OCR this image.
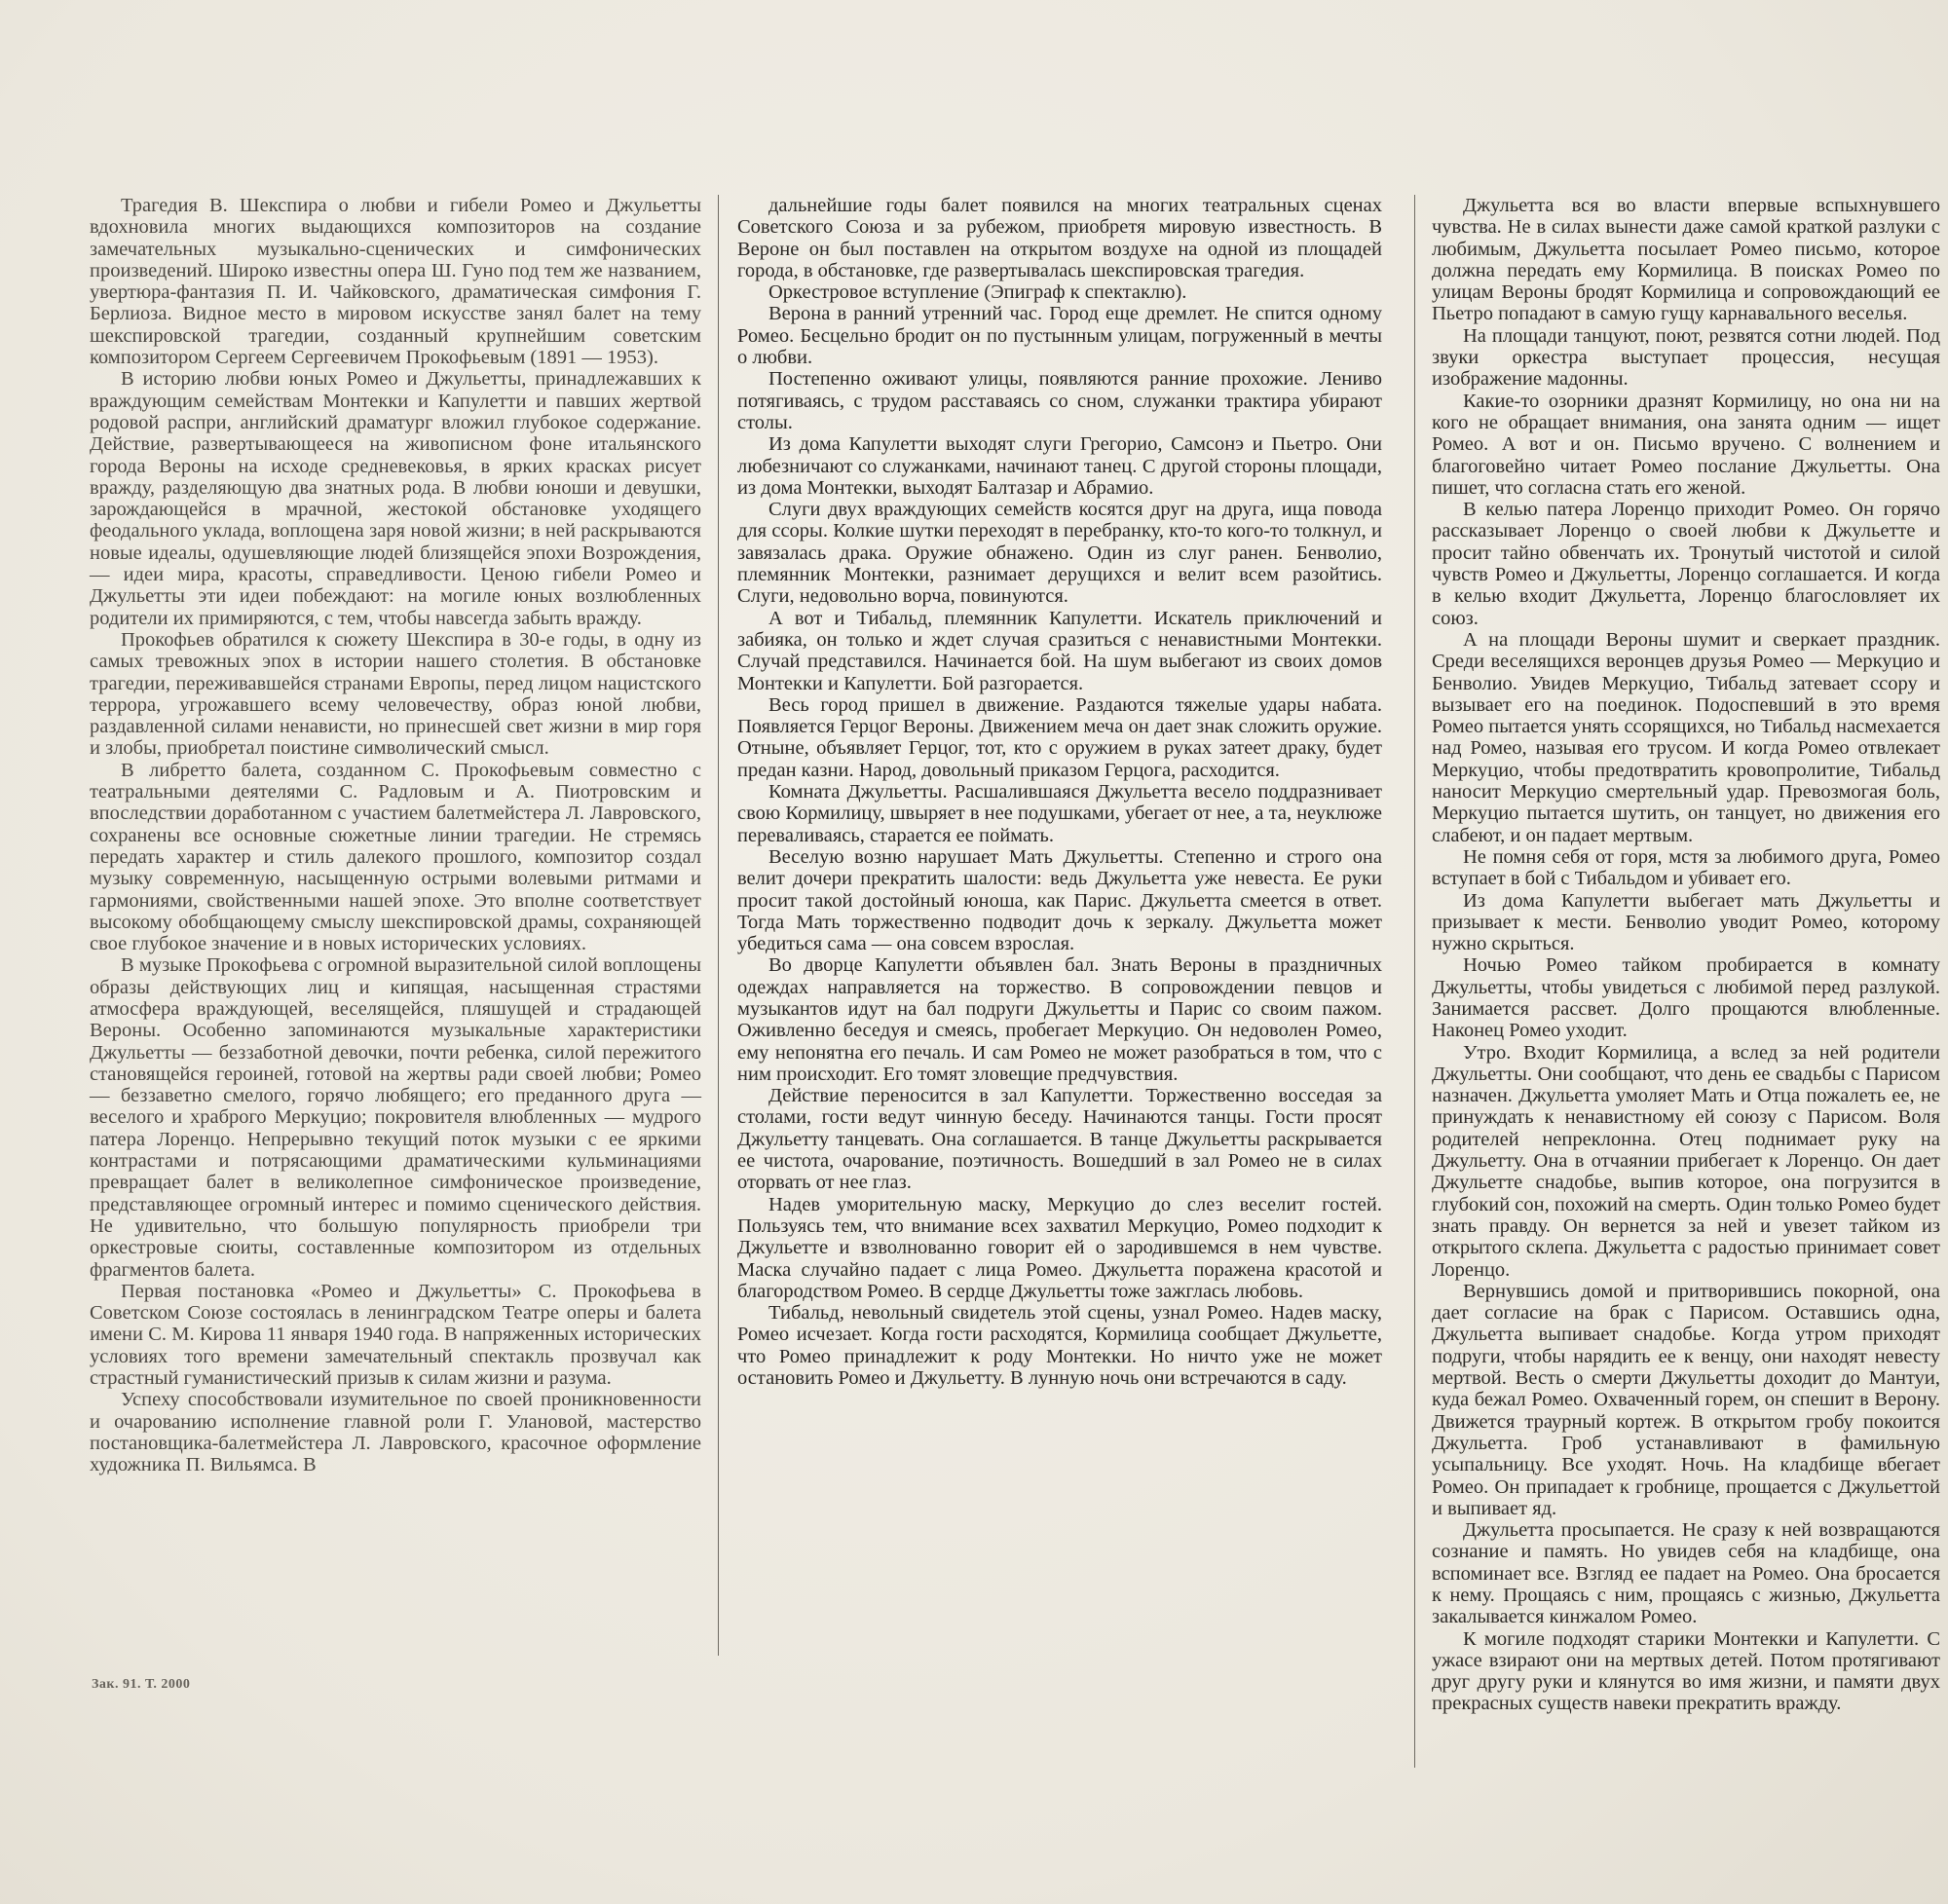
Трагедия В. Шекспира о любви и гибели Ромео и Джульетты вдохновила многих выдающихся композиторов на создание замечательных музыкально-сценических и симфонических произведений. Широко известны опера Ш. Гуно под тем же названием, увертюра-фантазия П. И. Чайковского, драматическая симфония Г. Берлиоза. Видное место в мировом искусстве занял балет на тему шекспировской трагедии, созданный крупнейшим советским композитором Сергеем Сергеевичем Прокофьевым (1891 — 1953).

В историю любви юных Ромео и Джульетты, принадлежавших к враждующим семействам Монтекки и Капулетти и павших жертвой родовой распри, английский драматург вложил глубокое содержание. Действие, развертывающееся на живописном фоне итальянского города Вероны на исходе средневековья, в ярких красках рисует вражду, разделяющую два знатных рода. В любви юноши и девушки, зарождающейся в мрачной, жестокой обстановке уходящего феодального уклада, воплощена заря новой жизни; в ней раскрываются новые идеалы, одушевляющие людей близящейся эпохи Возрождения, — идеи мира, красоты, справедливости. Ценою гибели Ромео и Джульетты эти идеи побеждают: на могиле юных возлюбленных родители их примиряются, с тем, чтобы навсегда забыть вражду.

Прокофьев обратился к сюжету Шекспира в 30-е годы, в одну из самых тревожных эпох в истории нашего столетия. В обстановке трагедии, переживавшейся странами Европы, перед лицом нацистского террора, угрожавшего всему человечеству, образ юной любви, раздавленной силами ненависти, но принесшей свет жизни в мир горя и злобы, приобретал поистине символический смысл.

В либретто балета, созданном С. Прокофьевым совместно с театральными деятелями С. Радловым и А. Пиотровским и впоследствии доработанном с участием балетмейстера Л. Лавровского, сохранены все основные сюжетные линии трагедии. Не стремясь передать характер и стиль далекого прошлого, композитор создал музыку современную, насыщенную острыми волевыми ритмами и гармониями, свойственными нашей эпохе. Это вполне соответствует высокому обобщающему смыслу шекспировской драмы, сохраняющей свое глубокое значение и в новых исторических условиях.

В музыке Прокофьева с огромной выразительной силой воплощены образы действующих лиц и кипящая, насыщенная страстями атмосфера враждующей, веселящейся, пляшущей и страдающей Вероны. Особенно запоминаются музыкальные характеристики Джульетты — беззаботной девочки, почти ребенка, силой пережитого становящейся героиней, готовой на жертвы ради своей любви; Ромео — беззаветно смелого, горячо любящего; его преданного друга — веселого и храброго Меркуцио; покровителя влюбленных — мудрого патера Лоренцо. Непрерывно текущий поток музыки с ее яркими контрастами и потрясающими драматическими кульминациями превращает балет в великолепное симфоническое произведение, представляющее огромный интерес и помимо сценического действия. Не удивительно, что большую популярность приобрели три оркестровые сюиты, составленные композитором из отдельных фрагментов балета.

Первая постановка «Ромео и Джульетты» С. Прокофьева в Советском Союзе состоялась в ленинградском Театре оперы и балета имени С. М. Кирова 11 января 1940 года. В напряженных исторических условиях того времени замечательный спектакль прозвучал как страстный гуманистический призыв к силам жизни и разума.

Успеху способствовали изумительное по своей проникновенности и очарованию исполнение главной роли Г. Улановой, мастерство постановщика-балетмейстера Л. Лавровского, красочное оформление художника П. Вильямса. В

дальнейшие годы балет появился на многих театральных сценах Советского Союза и за рубежом, приобретя мировую известность. В Вероне он был поставлен на открытом воздухе на одной из площадей города, в обстановке, где развертывалась шекспировская трагедия.

Оркестровое вступление (Эпиграф к спектаклю).

Верона в ранний утренний час. Город еще дремлет. Не спится одному Ромео. Бесцельно бродит он по пустынным улицам, погруженный в мечты о любви.

Постепенно оживают улицы, появляются ранние прохожие. Лениво потягиваясь, с трудом расставаясь со сном, служанки трактира убирают столы.

Из дома Капулетти выходят слуги Грегорио, Самсонэ и Пьетро. Они любезничают со служанками, начинают танец. С другой стороны площади, из дома Монтекки, выходят Балтазар и Абрамио.

Слуги двух враждующих семейств косятся друг на друга, ища повода для ссоры. Колкие шутки переходят в перебранку, кто-то кого-то толкнул, и завязалась драка. Оружие обнажено. Один из слуг ранен. Бенволио, племянник Монтекки, разнимает дерущихся и велит всем разойтись. Слуги, недовольно ворча, повинуются.

А вот и Тибальд, племянник Капулетти. Искатель приключений и забияка, он только и ждет случая сразиться с ненавистными Монтекки. Случай представился. Начинается бой. На шум выбегают из своих домов Монтекки и Капулетти. Бой разгорается.

Весь город пришел в движение. Раздаются тяжелые удары набата. Появляется Герцог Вероны. Движением меча он дает знак сложить оружие. Отныне, объявляет Герцог, тот, кто с оружием в руках затеет драку, будет предан казни. Народ, довольный приказом Герцога, расходится.

Комната Джульетты. Расшалившаяся Джульетта весело поддразнивает свою Кормилицу, швыряет в нее подушками, убегает от нее, а та, неуклюже переваливаясь, старается ее поймать.

Веселую возню нарушает Мать Джульетты. Степенно и строго она велит дочери прекратить шалости: ведь Джульетта уже невеста. Ее руки просит такой достойный юноша, как Парис. Джульетта смеется в ответ. Тогда Мать торжественно подводит дочь к зеркалу. Джульетта может убедиться сама — она совсем взрослая.

Во дворце Капулетти объявлен бал. Знать Вероны в праздничных одеждах направляется на торжество. В сопровождении певцов и музыкантов идут на бал подруги Джульетты и Парис со своим пажом. Оживленно беседуя и смеясь, пробегает Меркуцио. Он недоволен Ромео, ему непонятна его печаль. И сам Ромео не может разобраться в том, что с ним происходит. Его томят зловещие предчувствия.

Действие переносится в зал Капулетти. Торжественно восседая за столами, гости ведут чинную беседу. Начинаются танцы. Гости просят Джульетту танцевать. Она соглашается. В танце Джульетты раскрывается ее чистота, очарование, поэтичность. Вошедший в зал Ромео не в силах оторвать от нее глаз.

Надев уморительную маску, Меркуцио до слез веселит гостей. Пользуясь тем, что внимание всех захватил Меркуцио, Ромео подходит к Джульетте и взволнованно говорит ей о зародившемся в нем чувстве. Маска случайно падает с лица Ромео. Джульетта поражена красотой и благородством Ромео. В сердце Джульетты тоже зажглась любовь.

Тибальд, невольный свидетель этой сцены, узнал Ромео. Надев маску, Ромео исчезает. Когда гости расходятся, Кормилица сообщает Джульетте, что Ромео принадлежит к роду Монтекки. Но ничто уже не может остановить Ромео и Джульетту. В лунную ночь они встречаются в саду.

Джульетта вся во власти впервые вспыхнувшего чувства. Не в силах вынести даже самой краткой разлуки с любимым, Джульетта посылает Ромео письмо, которое должна передать ему Кормилица. В поисках Ромео по улицам Вероны бродят Кормилица и сопровождающий ее Пьетро попадают в самую гущу карнавального веселья.

На площади танцуют, поют, резвятся сотни людей. Под звуки оркестра выступает процессия, несущая изображение мадонны.

Какие-то озорники дразнят Кормилицу, но она ни на кого не обращает внимания, она занята одним — ищет Ромео. А вот и он. Письмо вручено. С волнением и благоговейно читает Ромео послание Джульетты. Она пишет, что согласна стать его женой.

В келью патера Лоренцо приходит Ромео. Он горячо рассказывает Лоренцо о своей любви к Джульетте и просит тайно обвенчать их. Тронутый чистотой и силой чувств Ромео и Джульетты, Лоренцо соглашается. И когда в келью входит Джульетта, Лоренцо благословляет их союз.

А на площади Вероны шумит и сверкает праздник. Среди веселящихся веронцев друзья Ромео — Меркуцио и Бенволио. Увидев Меркуцио, Тибальд затевает ссору и вызывает его на поединок. Подоспевший в это время Ромео пытается унять ссорящихся, но Тибальд насмехается над Ромео, называя его трусом. И когда Ромео отвлекает Меркуцио, чтобы предотвратить кровопролитие, Тибальд наносит Меркуцио смертельный удар. Превозмогая боль, Меркуцио пытается шутить, он танцует, но движения его слабеют, и он падает мертвым.

Не помня себя от горя, мстя за любимого друга, Ромео вступает в бой с Тибальдом и убивает его.

Из дома Капулетти выбегает мать Джульетты и призывает к мести. Бенволио уводит Ромео, которому нужно скрыться.

Ночью Ромео тайком пробирается в комнату Джульетты, чтобы увидеться с любимой перед разлукой. Занимается рассвет. Долго прощаются влюбленные. Наконец Ромео уходит.

Утро. Входит Кормилица, а вслед за ней родители Джульетты. Они сообщают, что день ее свадьбы с Парисом назначен. Джульетта умоляет Мать и Отца пожалеть ее, не принуждать к ненавистному ей союзу с Парисом. Воля родителей непреклонна. Отец поднимает руку на Джульетту. Она в отчаянии прибегает к Лоренцо. Он дает Джульетте снадобье, выпив которое, она погрузится в глубокий сон, похожий на смерть. Один только Ромео будет знать правду. Он вернется за ней и увезет тайком из открытого склепа. Джульетта с радостью принимает совет Лоренцо.

Вернувшись домой и притворившись покорной, она дает согласие на брак с Парисом. Оставшись одна, Джульетта выпивает снадобье. Когда утром приходят подруги, чтобы нарядить ее к венцу, они находят невесту мертвой. Весть о смерти Джульетты доходит до Мантуи, куда бежал Ромео. Охваченный горем, он спешит в Верону. Движется траурный кортеж. В открытом гробу покоится Джульетта. Гроб устанавливают в фамильную усыпальницу. Все уходят. Ночь. На кладбище вбегает Ромео. Он припадает к гробнице, прощается с Джульеттой и выпивает яд.

Джульетта просыпается. Не сразу к ней возвращаются сознание и память. Но увидев себя на кладбище, она вспоминает все. Взгляд ее падает на Ромео. Она бросается к нему. Прощаясь с ним, прощаясь с жизнью, Джульетта закалывается кинжалом Ромео.

К могиле подходят старики Монтекки и Капулетти. С ужасе взирают они на мертвых детей. Потом протягивают друг другу руки и клянутся во имя жизни, и памяти двух прекрасных существ навеки прекратить вражду.

Зак. 91. Т. 2000
